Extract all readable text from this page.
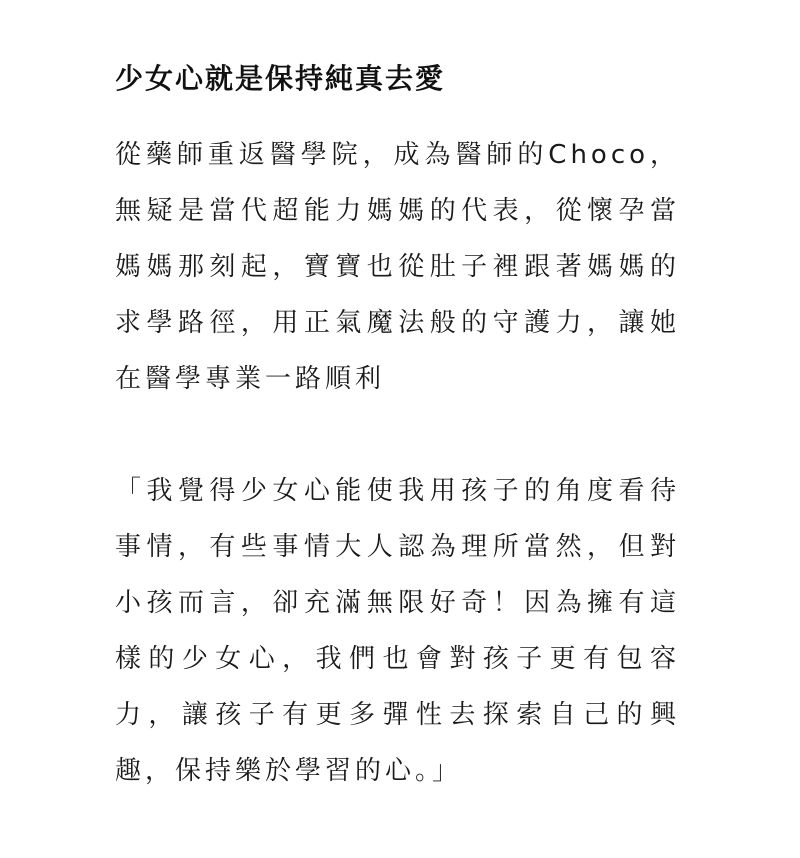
少女心就是保持純真去愛

從藥師重返醫學院，成為醫師的Choco，無疑是當代超能力媽媽的代表，從懷孕當媽媽那刻起，寶寶也從肚子裡跟著媽媽的求學路徑，用正氣魔法般的守護力，讓她在醫學專業一路順利

「我覺得少女心能使我用孩子的角度看待事情，有些事情大人認為理所當然，但對小孩而言，卻充滿無限好奇！因為擁有這樣的少女心，我們也會對孩子更有包容力，讓孩子有更多彈性去探索自己的興趣，保持樂於學習的心。」
